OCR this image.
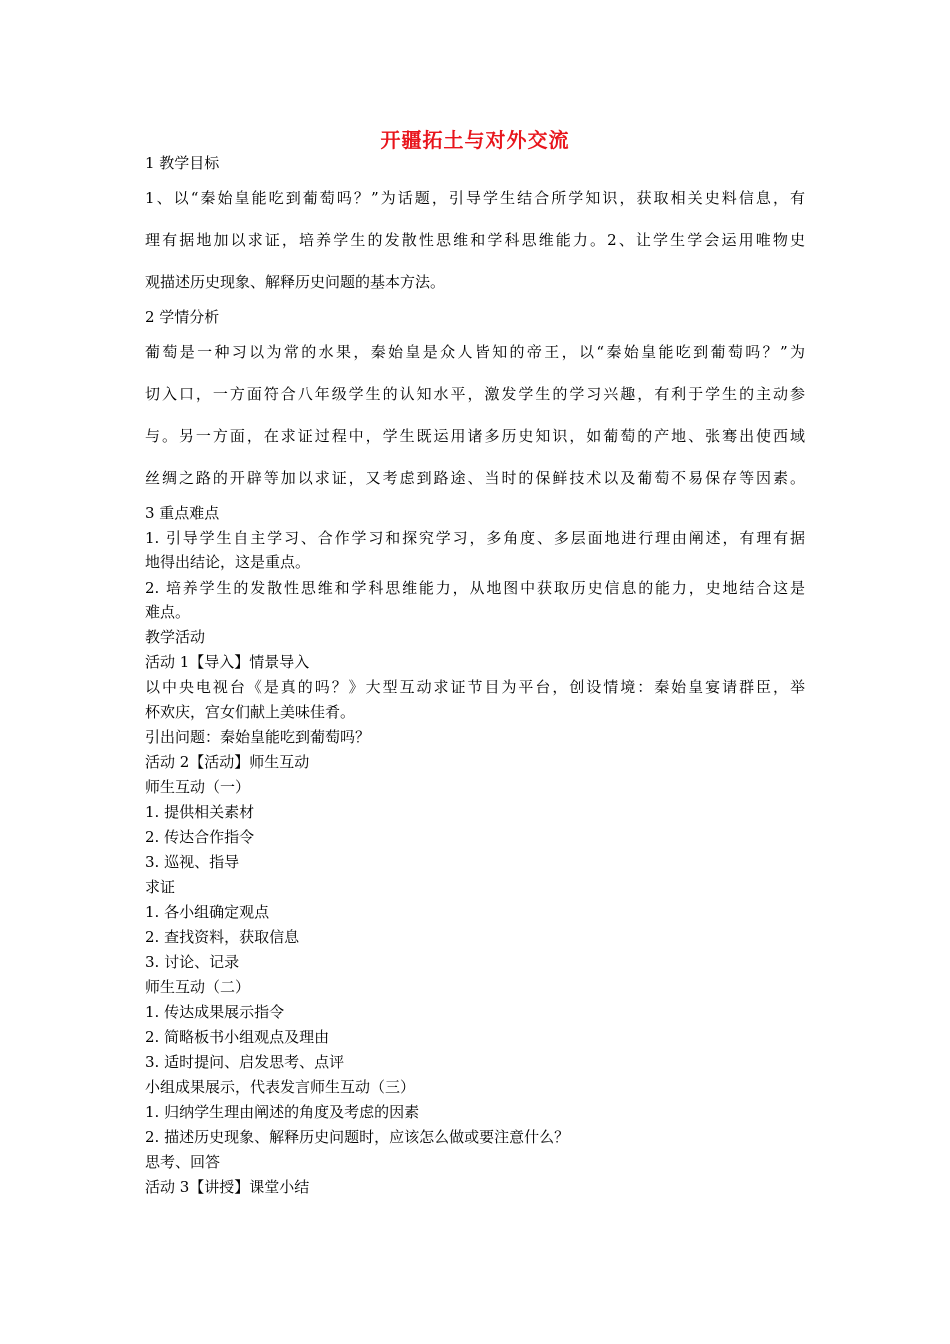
开疆拓土与对外交流
1 教学目标
1、以“秦始皇能吃到葡萄吗？”为话题，引导学生结合所学知识，获取相关史料信息，有
理有据地加以求证，培养学生的发散性思维和学科思维能力。2、让学生学会运用唯物史
观描述历史现象、解释历史问题的基本方法。
2 学情分析
葡萄是一种习以为常的水果，秦始皇是众人皆知的帝王，以“秦始皇能吃到葡萄吗？”为
切入口，一方面符合八年级学生的认知水平，激发学生的学习兴趣，有利于学生的主动参
与。另一方面，在求证过程中，学生既运用诸多历史知识，如葡萄的产地、张骞出使西域
丝绸之路的开辟等加以求证，又考虑到路途、当时的保鲜技术以及葡萄不易保存等因素。
3 重点难点
1. 引导学生自主学习、合作学习和探究学习，多角度、多层面地进行理由阐述，有理有据
地得出结论，这是重点。
2. 培养学生的发散性思维和学科思维能力，从地图中获取历史信息的能力，史地结合这是
难点。
教学活动
活动 1【导入】情景导入
以中央电视台《是真的吗？》大型互动求证节目为平台，创设情境：秦始皇宴请群臣，举
杯欢庆，宫女们献上美味佳肴。
引出问题：秦始皇能吃到葡萄吗？
活动 2【活动】师生互动
师生互动（一）
1. 提供相关素材
2. 传达合作指令
3. 巡视、指导
求证
1. 各小组确定观点
2. 查找资料，获取信息
3. 讨论、记录
师生互动（二）
1. 传达成果展示指令
2. 简略板书小组观点及理由
3. 适时提问、启发思考、点评
小组成果展示，代表发言师生互动（三）
1. 归纳学生理由阐述的角度及考虑的因素
2. 描述历史现象、解释历史问题时，应该怎么做或要注意什么？
思考、回答
活动 3【讲授】课堂小结
